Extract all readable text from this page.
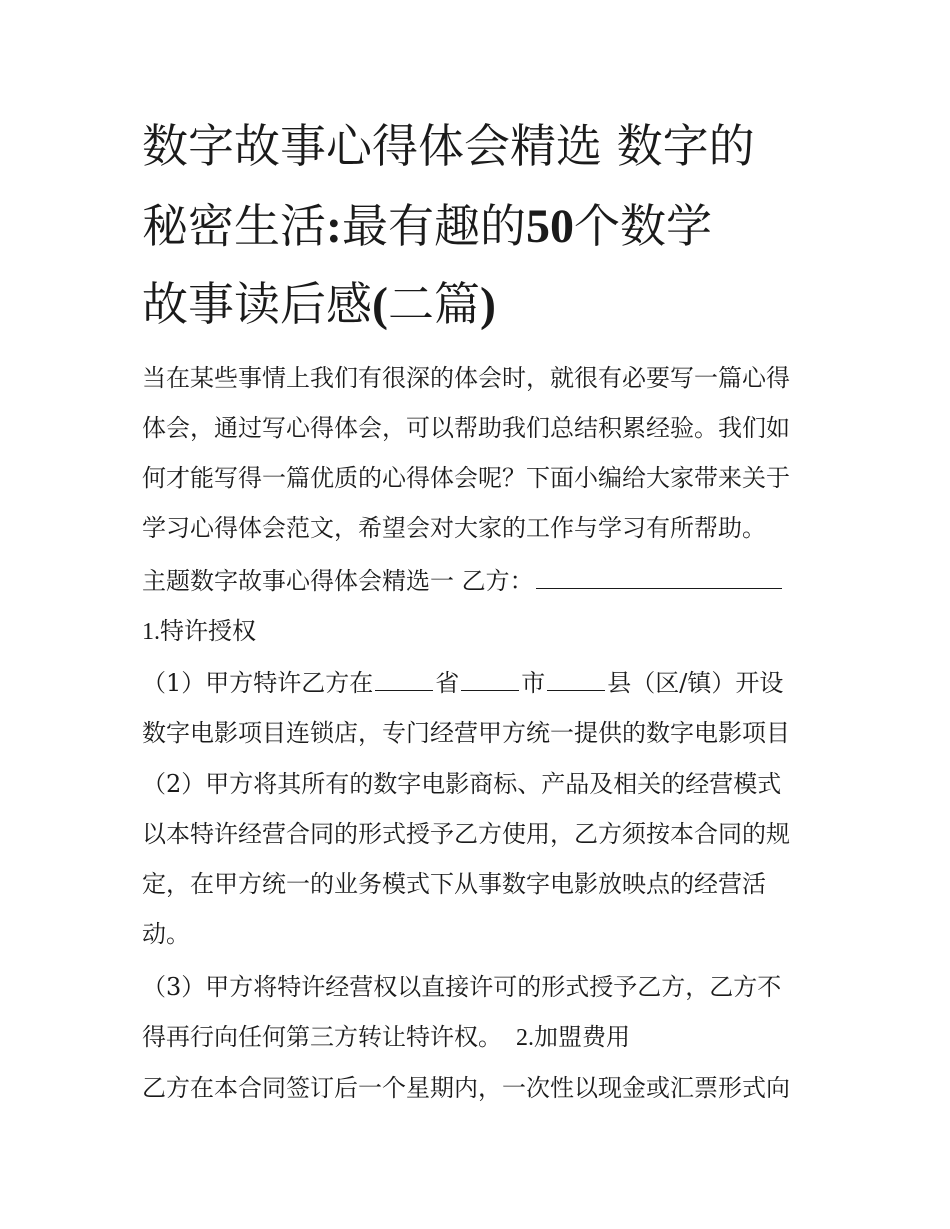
数字故事心得体会精选 数字的
秘密生活:最有趣的50个数学
故事读后感(二篇)
当在某些事情上我们有很深的体会时，就很有必要写一篇心得
体会，通过写心得体会，可以帮助我们总结积累经验。我们如
何才能写得一篇优质的心得体会呢？下面小编给大家带来关于
学习心得体会范文，希望会对大家的工作与学习有所帮助。
主题数字故事心得体会精选一 乙方：
1.特许授权
（1）甲方特许乙方在	省	市	县（区/镇）开设
数字电影项目连锁店，专门经营甲方统一提供的数字电影项目
（2）甲方将其所有的数字电影商标、产品及相关的经营模式
以本特许经营合同的形式授予乙方使用，乙方须按本合同的规
定，在甲方统一的业务模式下从事数字电影放映点的经营活
动。
（3）甲方将特许经营权以直接许可的形式授予乙方，乙方不
得再行向任何第三方转让特许权。 2.加盟费用
乙方在本合同签订后一个星期内，一次性以现金或汇票形式向
